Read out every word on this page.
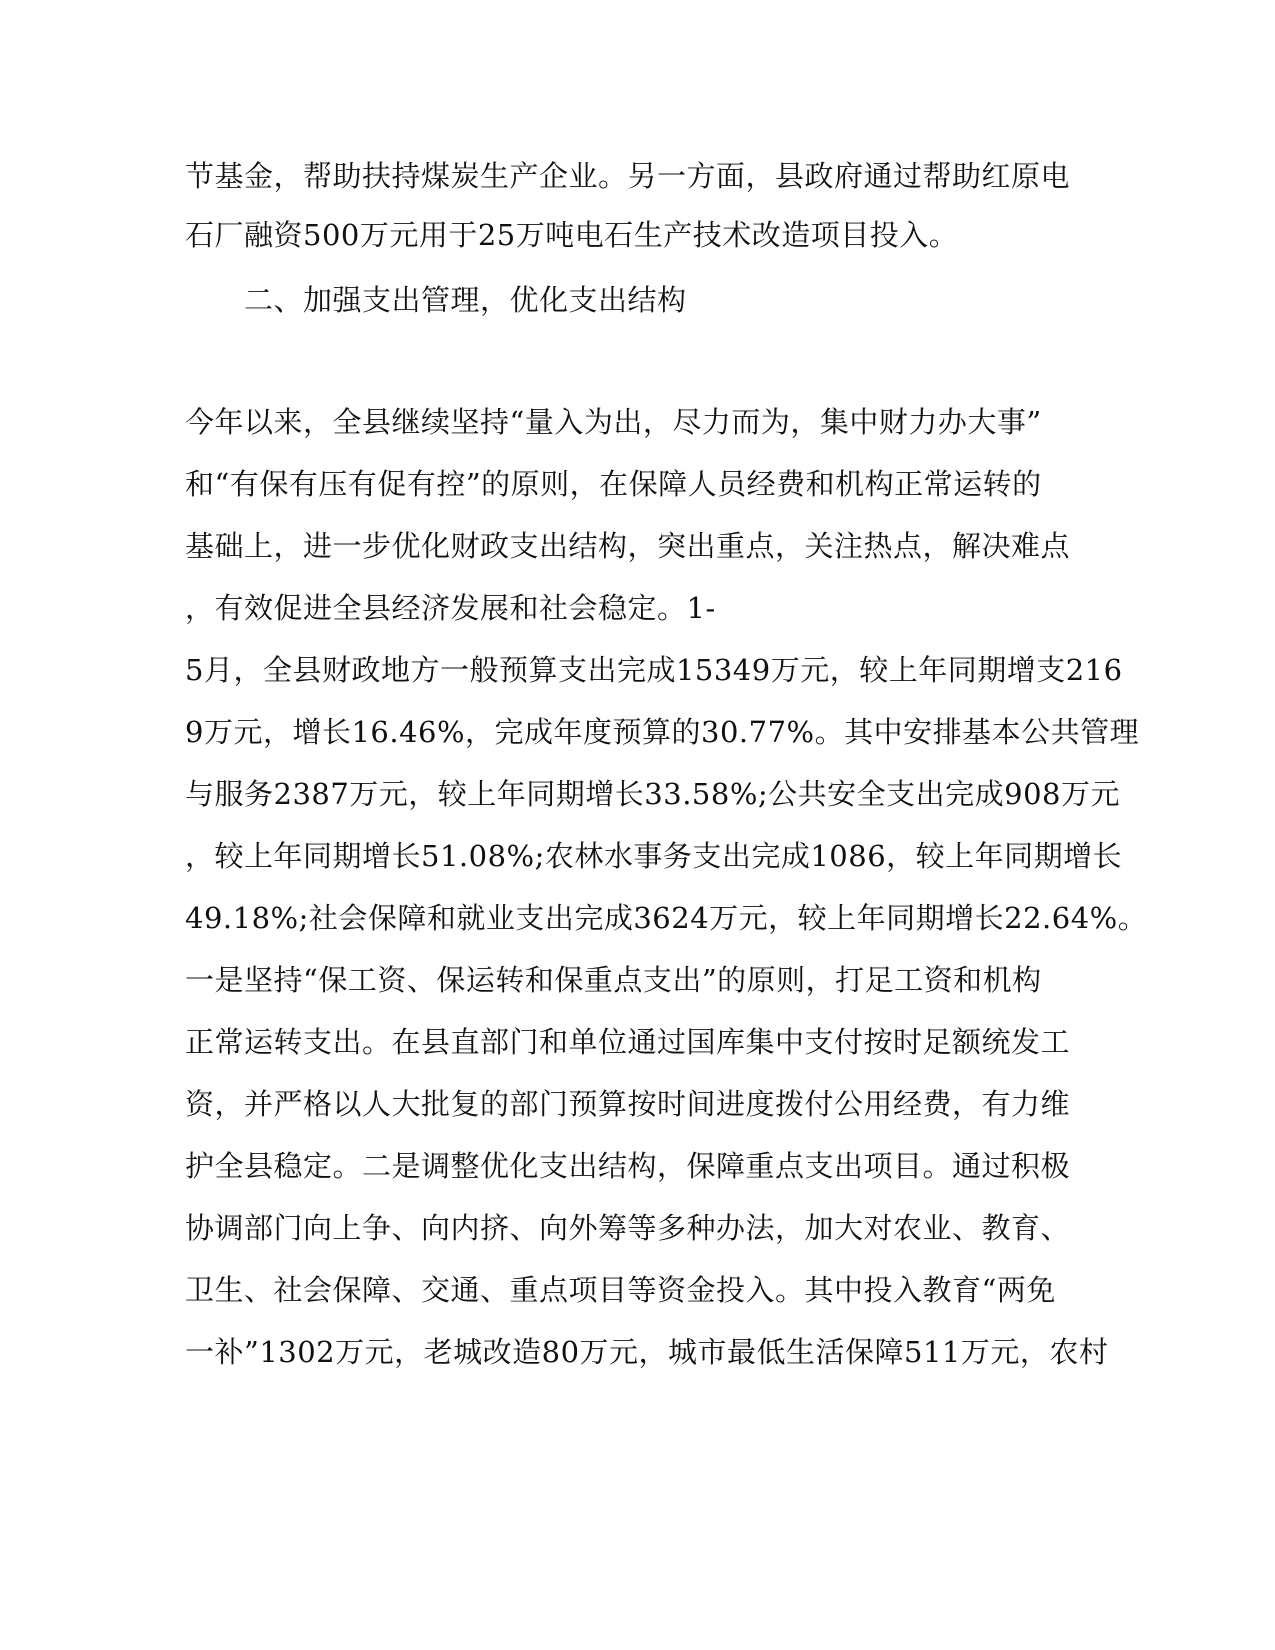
节基金，帮助扶持煤炭生产企业。另一方面，县政府通过帮助红原电
石厂融资500万元用于25万吨电石生产技术改造项目投入。
二、加强支出管理，优化支出结构
今年以来，全县继续坚持“量入为出，尽力而为，集中财力办大事”
和“有保有压有促有控”的原则，在保障人员经费和机构正常运转的
基础上，进一步优化财政支出结构，突出重点，关注热点，解决难点
，有效促进全县经济发展和社会稳定。1-
5月，全县财政地方一般预算支出完成15349万元，较上年同期增支216
9万元，增长16.46%，完成年度预算的30.77%。其中安排基本公共管理
与服务2387万元，较上年同期增长33.58%;公共安全支出完成908万元
，较上年同期增长51.08%;农林水事务支出完成1086，较上年同期增长
49.18%;社会保障和就业支出完成3624万元，较上年同期增长22.64%。
一是坚持“保工资、保运转和保重点支出”的原则，打足工资和机构
正常运转支出。在县直部门和单位通过国库集中支付按时足额统发工
资，并严格以人大批复的部门预算按时间进度拨付公用经费，有力维
护全县稳定。二是调整优化支出结构，保障重点支出项目。通过积极
协调部门向上争、向内挤、向外筹等多种办法，加大对农业、教育、
卫生、社会保障、交通、重点项目等资金投入。其中投入教育“两免
一补”1302万元，老城改造80万元，城市最低生活保障511万元，农村
